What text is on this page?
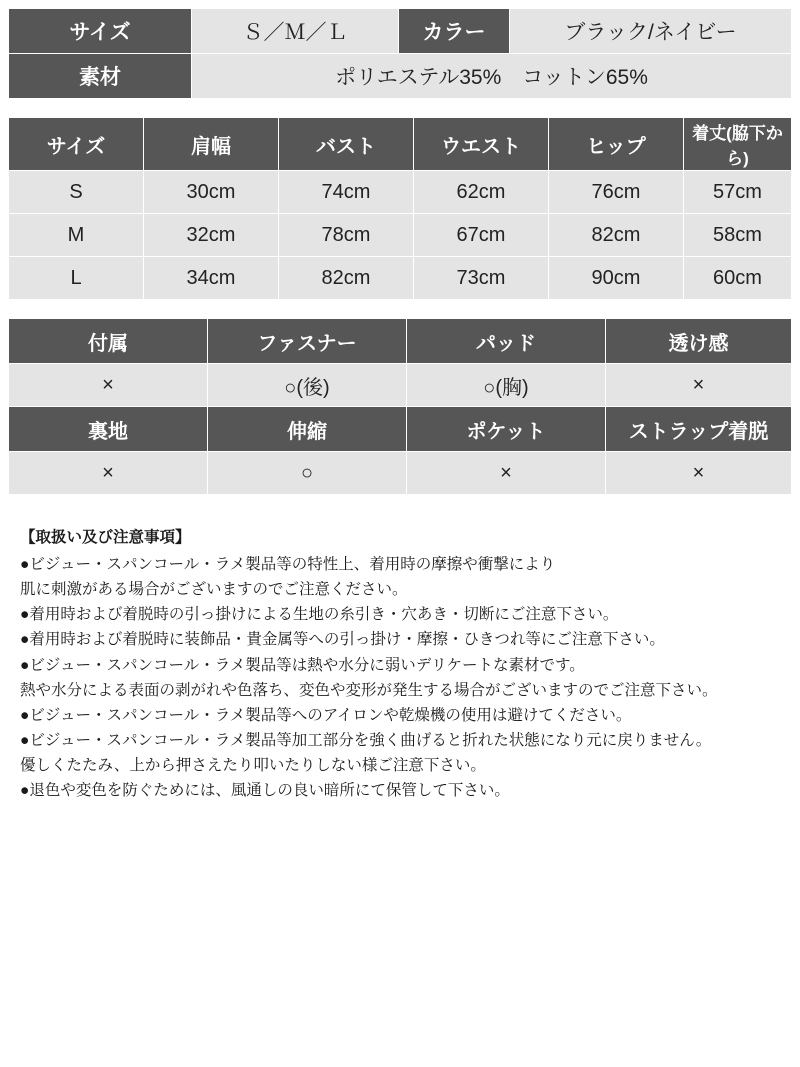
サイズ	Ｓ／Ｍ／Ｌ	カラー	ブラック/ネイビー
素材	ポリエステル35%　コットン65%		
サイズ	肩幅	バスト	ウエスト	ヒップ	着丈(脇下から)
S	30cm	74cm	62cm	76cm	57cm
M	32cm	78cm	67cm	82cm	58cm
L	34cm	82cm	73cm	90cm	60cm
付属	ファスナー	パッド	透け感
×	○(後)	○(胸)	×
裏地	伸縮	ポケット	ストラップ着脱
×	○	×	×
【取扱い及び注意事項】
●ビジュー・スパンコール・ラメ製品等の特性上、着用時の摩擦や衝撃により
肌に刺激がある場合がございますのでご注意ください。
●着用時および着脱時の引っ掛けによる生地の糸引き・穴あき・切断にご注意下さい。
●着用時および着脱時に装飾品・貴金属等への引っ掛け・摩擦・ひきつれ等にご注意下さい。
●ビジュー・スパンコール・ラメ製品等は熱や水分に弱いデリケートな素材です。
熱や水分による表面の剥がれや色落ち、変色や変形が発生する場合がございますのでご注意下さい。
●ビジュー・スパンコール・ラメ製品等へのアイロンや乾燥機の使用は避けてください。
●ビジュー・スパンコール・ラメ製品等加工部分を強く曲げると折れた状態になり元に戻りません。
優しくたたみ、上から押さえたり叩いたりしない様ご注意下さい。
●退色や変色を防ぐためには、風通しの良い暗所にて保管して下さい。
